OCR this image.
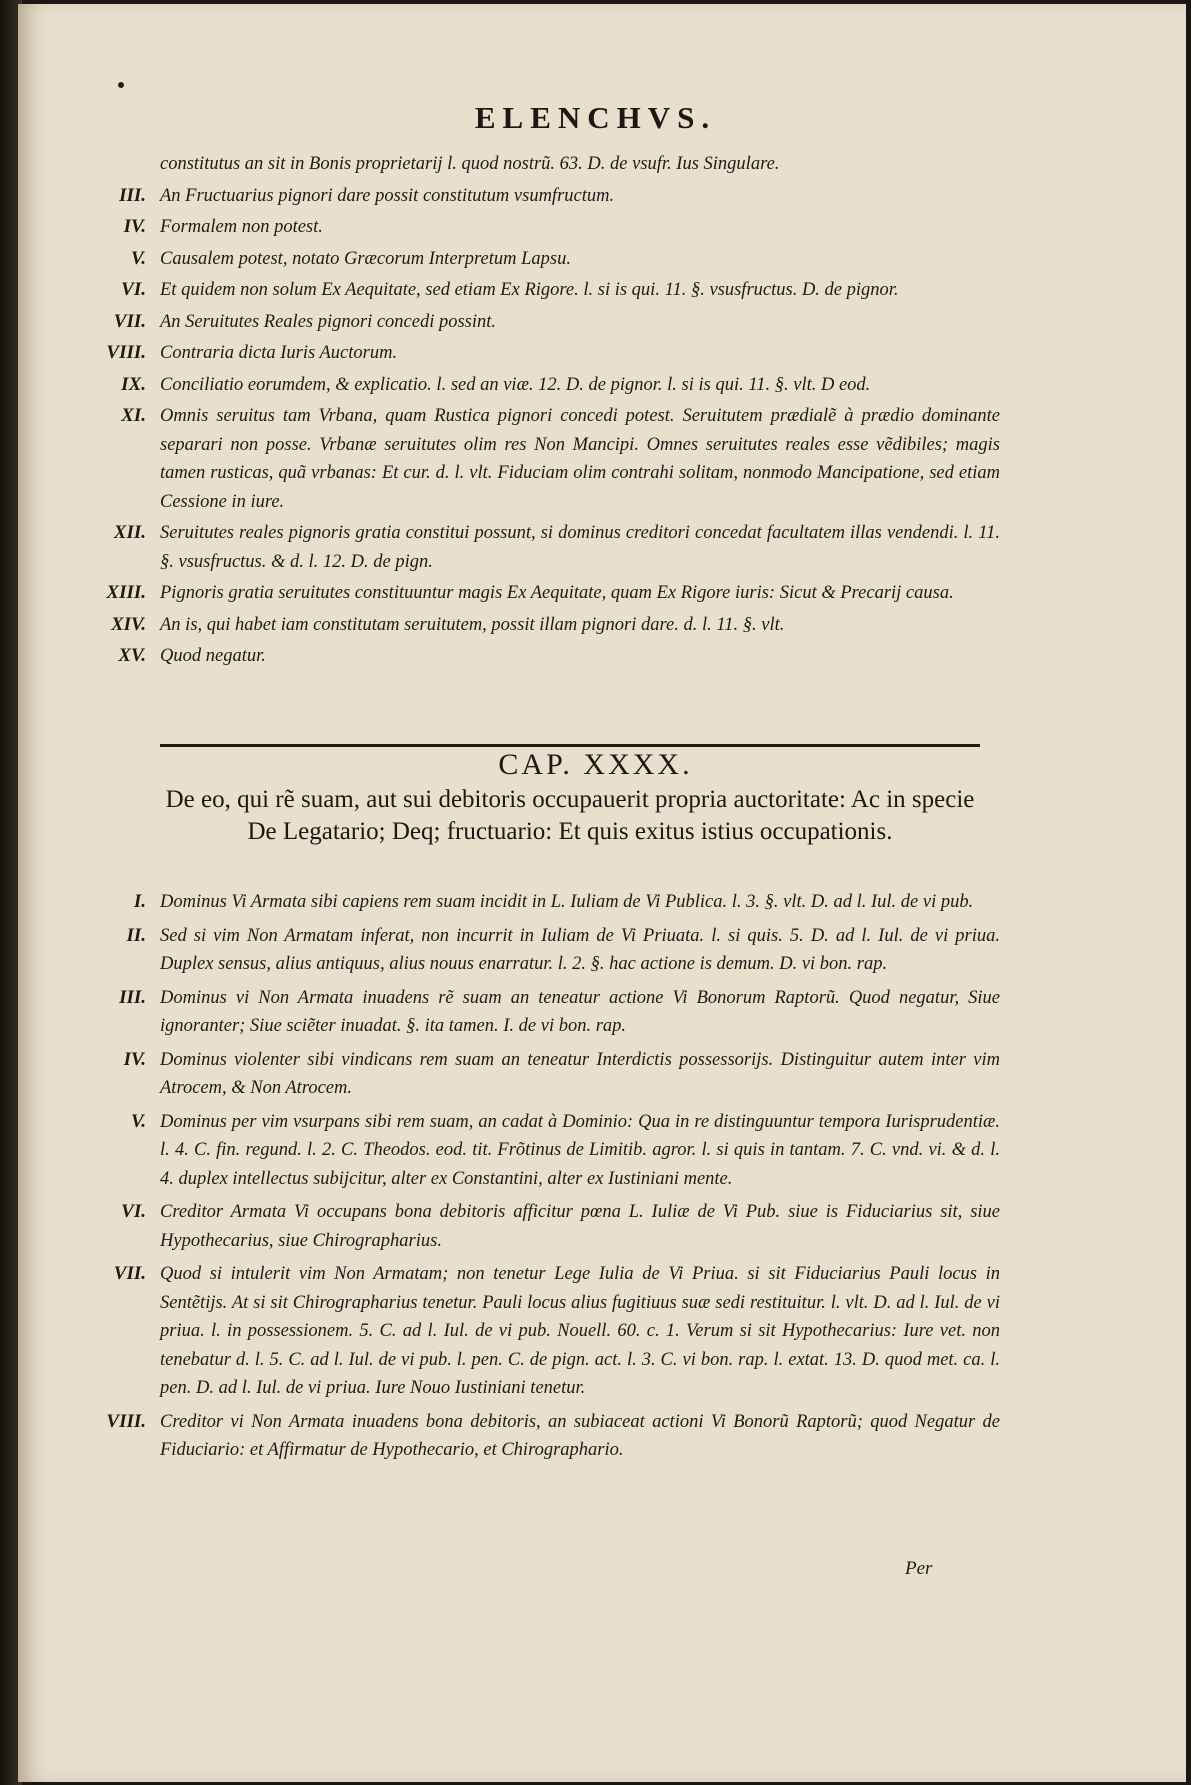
ELENCHVS.
constitutus an sit in Bonis proprietarij l. quod nostrũ. 63. D. de vsufr. Ius Singulare.
III. An Fructuarius pignori dare possit constitutum vsumfructum.
IV. Formalem non potest.
V. Causalem potest, notato Græcorum Interpretum Lapsu.
VI. Et quidem non solum Ex Aequitate, sed etiam Ex Rigore. l. si is qui. 11. §. vsusfructus. D. de pignor.
VII. An Seruitutes Reales pignori concedi possint.
VIII. Contraria dicta Iuris Auctorum.
IX. Conciliatio eorumdem, & explicatio. l. sed an viæ. 12. D. de pignor. l. si is qui. 11. §. vlt. D eod.
XI. Omnis seruitus tam Vrbana, quam Rustica pignori concedi potest. Seruitutem prædialẽ à prædio dominante separari non posse. Vrbanæ seruitutes olim res Non Mancipi. Omnes seruitutes reales esse vẽdibiles; magis tamen rusticas, quã vrbanas: Et cur. d. l. vlt. Fiduciam olim contrahi solitam, nonmodo Mancipatione, sed etiam Cessione in iure.
XII. Seruitutes reales pignoris gratia constitui possunt, si dominus creditori concedat facultatem illas vendendi. l. 11. §. vsusfructus. & d. l. 12. D. de pign.
XIII. Pignoris gratia seruitutes constituuntur magis Ex Aequitate, quam Ex Rigore iuris: Sicut & Precarij causa.
XIV. An is, qui habet iam constitutam seruitutem, possit illam pignori dare. d. l. 11. §. vlt.
XV. Quod negatur.
CAP. XXXX.
De eo, qui rẽ suam, aut sui debitoris occupauerit propria auctoritate: Ac in specie De Legatario; Deq; fructuario: Et quis exitus istius occupationis.
I. Dominus Vi Armata sibi capiens rem suam incidit in L. Iuliam de Vi Publica. l. 3. §. vlt. D. ad l. Iul. de vi pub.
II. Sed si vim Non Armatam inferat, non incurrit in Iuliam de Vi Priuata. l. si quis. 5. D. ad l. Iul. de vi priua. Duplex sensus, alius antiquus, alius nouus enarratur. l. 2. §. hac actione is demum. D. vi bon. rap.
III. Dominus vi Non Armata inuadens rẽ suam an teneatur actione Vi Bonorum Raptorũ. Quod negatur, Siue ignoranter; Siue sciẽter inuadat. §. ita tamen. I. de vi bon. rap.
IV. Dominus violenter sibi vindicans rem suam an teneatur Interdictis possessorijs. Distinguitur autem inter vim Atrocem, & Non Atrocem.
V. Dominus per vim vsurpans sibi rem suam, an cadat à Dominio: Qua in re distinguuntur tempora Iurisprudentiæ. l. 4. C. fin. regund. l. 2. C. Theodos. eod. tit. Frõtinus de Limitib. agror. l. si quis in tantam. 7. C. vnd. vi. & d. l. 4. duplex intellectus subijcitur, alter ex Constantini, alter ex Iustiniani mente.
VI. Creditor Armata Vi occupans bona debitoris afficitur pœna L. Iuliæ de Vi Pub. siue is Fiduciarius sit, siue Hypothecarius, siue Chirographarius.
VII. Quod si intulerit vim Non Armatam; non tenetur Lege Iulia de Vi Priua. si sit Fiduciarius Pauli locus in Sentẽtijs. At si sit Chirographarius tenetur. Pauli locus alius fugitiuus suæ sedi restituitur. l. vlt. D. ad l. Iul. de vi priua. l. in possessionem. 5. C. ad l. Iul. de vi pub. Nouell. 60. c. 1. Verum si sit Hypothecarius: Iure vet. non tenebatur d. l. 5. C. ad l. Iul. de vi pub. l. pen. C. de pign. act. l. 3. C. vi bon. rap. l. extat. 13. D. quod met. ca. l. pen. D. ad l. Iul. de vi priua. Iure Nouo Iustiniani tenetur.
VIII. Creditor vi Non Armata inuadens bona debitoris, an subiaceat actioni Vi Bonorũ Raptorũ; quod Negatur de Fiduciario: et Affirmatur de Hypothecario, et Chirographario.
Per
